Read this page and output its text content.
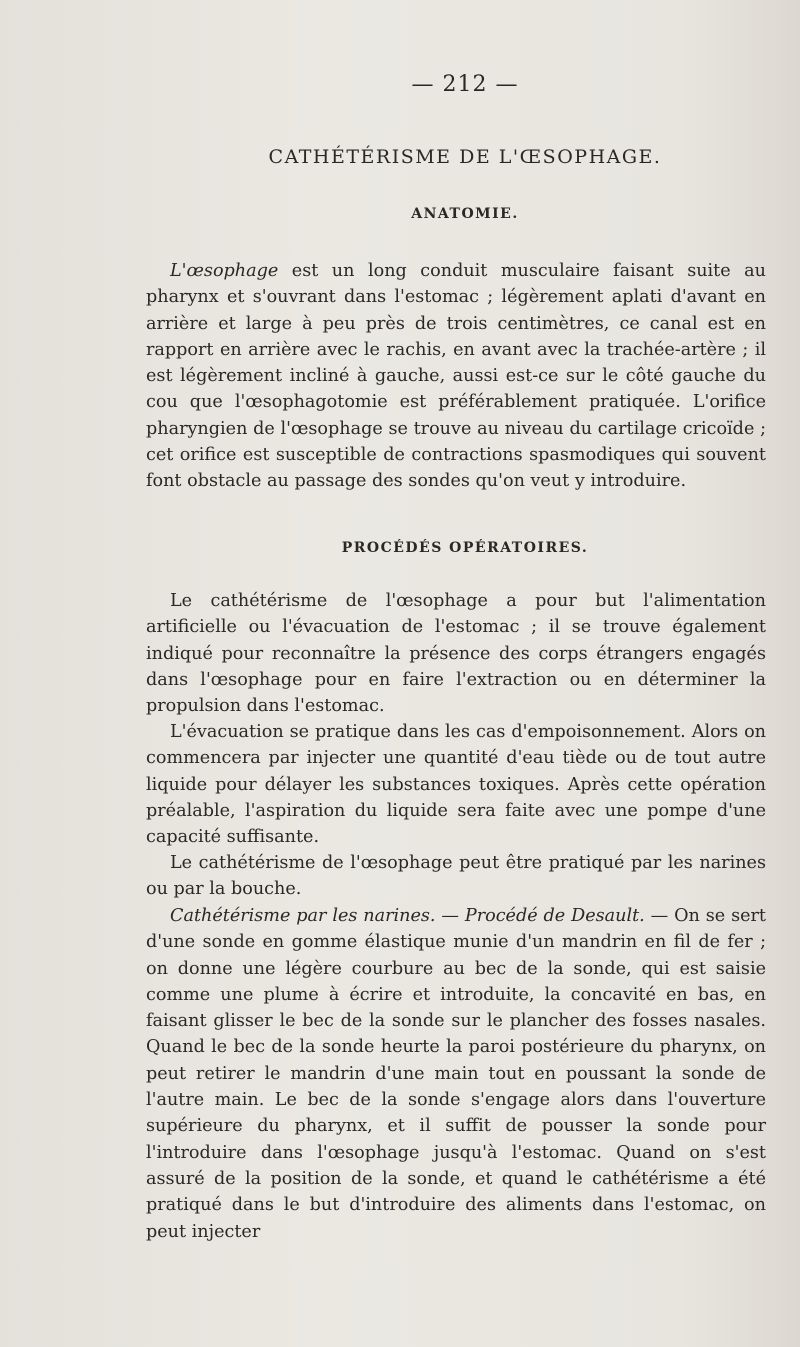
— 212 —
CATHÉTÉRISME DE L'ŒSOPHAGE.
ANATOMIE.

L'œsophage est un long conduit musculaire faisant suite au pharynx et s'ouvrant dans l'estomac ; légèrement aplati d'avant en arrière et large à peu près de trois centimètres, ce canal est en rapport en arrière avec le rachis, en avant avec la trachée-artère ; il est légèrement incliné à gauche, aussi est-ce sur le côté gauche du cou que l'œsophagotomie est préférablement pratiquée. L'orifice pharyngien de l'œsophage se trouve au niveau du cartilage cricoïde ; cet orifice est susceptible de contractions spasmodiques qui souvent font obstacle au passage des sondes qu'on veut y introduire.

PROCÉDÉS OPÉRATOIRES.

Le cathétérisme de l'œsophage a pour but l'alimentation artificielle ou l'évacuation de l'estomac ; il se trouve également indiqué pour reconnaître la présence des corps étrangers engagés dans l'œsophage pour en faire l'extraction ou en déterminer la propulsion dans l'estomac.

L'évacuation se pratique dans les cas d'empoisonnement. Alors on commencera par injecter une quantité d'eau tiède ou de tout autre liquide pour délayer les substances toxiques. Après cette opération préalable, l'aspiration du liquide sera faite avec une pompe d'une capacité suffisante.

Le cathétérisme de l'œsophage peut être pratiqué par les narines ou par la bouche.

Cathétérisme par les narines. — Procédé de Desault. — On se sert d'une sonde en gomme élastique munie d'un mandrin en fil de fer ; on donne une légère courbure au bec de la sonde, qui est saisie comme une plume à écrire et introduite, la concavité en bas, en faisant glisser le bec de la sonde sur le plancher des fosses nasales. Quand le bec de la sonde heurte la paroi postérieure du pharynx, on peut retirer le mandrin d'une main tout en poussant la sonde de l'autre main. Le bec de la sonde s'engage alors dans l'ouverture supérieure du pharynx, et il suffit de pousser la sonde pour l'introduire dans l'œsophage jusqu'à l'estomac. Quand on s'est assuré de la position de la sonde, et quand le cathétérisme a été pratiqué dans le but d'introduire des aliments dans l'estomac, on peut injecter
